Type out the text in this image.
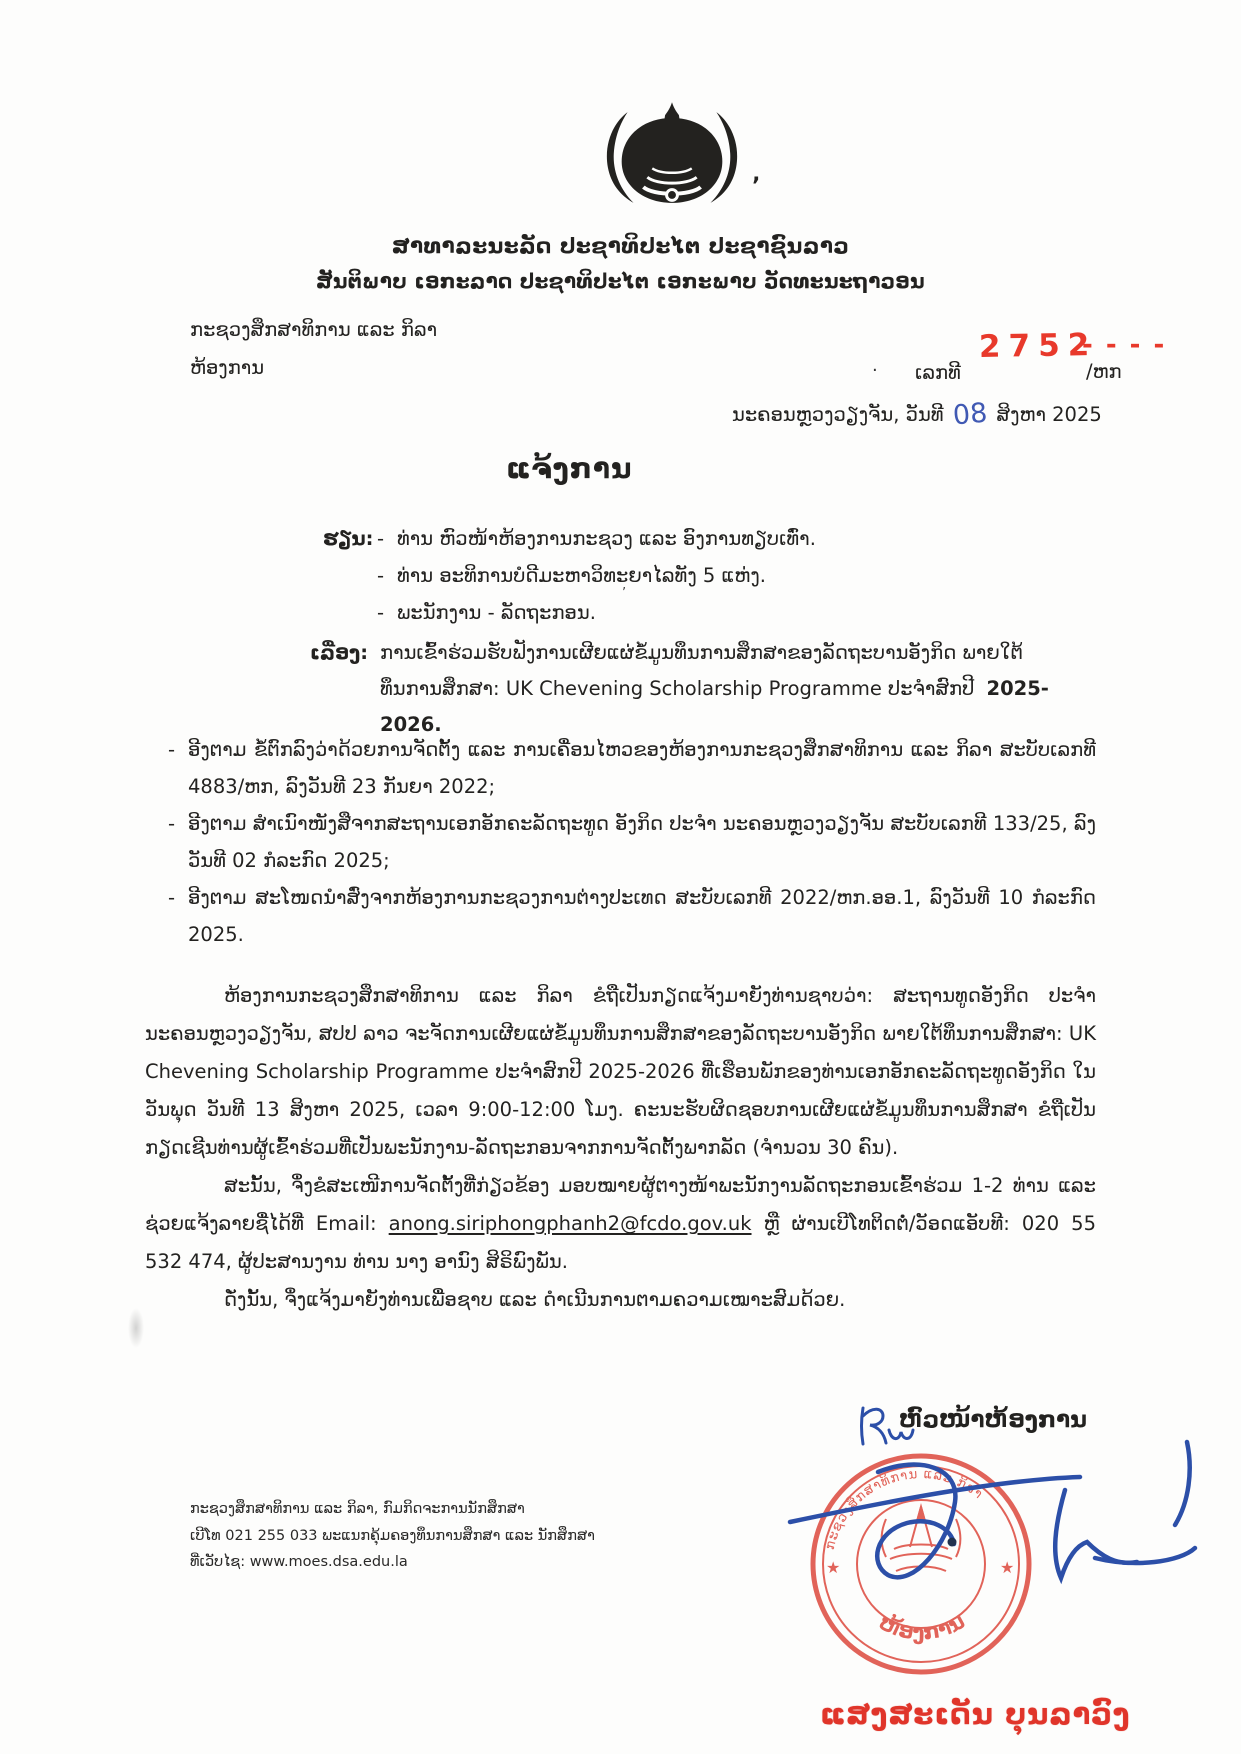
’
ສາທາລະນະລັດ ປະຊາທິປະໄຕ ປະຊາຊົນລາວ
ສັນຕິພາບ ເອກະລາດ ປະຊາທິປະໄຕ ເອກະພາບ ວັດທະນະຖາວອນ
ກະຊວງສຶກສາທິການ ແລະ ກິລາ
ຫ້ອງການ	· ເລກທີ
2752
- - - -
/ຫກ
ນະຄອນຫຼວງວຽງຈັນ, ວັນທີ 08 ສິງຫາ 2025
ແຈ້ງການ
ຮຽນ: - ທ່ານ ຫົວໜ້າຫ້ອງການກະຊວງ ແລະ ອົງການທຽບເທົ່າ.
- ທ່ານ ອະທິການບໍດີມະຫາວິທະຍາໄລທັງ 5 ແຫ່ງ.
- ພະນັກງານ - ລັດຖະກອນ.
’
ເລື່ອງ: ການເຂົ້າຮ່ວມຮັບຟັງການເຜີຍແຜ່ຂໍ້ມູນທຶນການສຶກສາຂອງລັດຖະບານອັງກິດ ພາຍໃຕ້
ທຶນການສຶກສາ: UK Chevening Scholarship Programme ປະຈໍາສົກປີ 2025-2026.
- ອີງຕາມ ຂໍ້ຕົກລົງວ່າດ້ວຍການຈັດຕັ້ງ ແລະ ການເຄື່ອນໄຫວຂອງຫ້ອງການກະຊວງສຶກສາທິການ ແລະ ກິລາ ສະບັບເລກທີ 4883/ຫກ, ລົງວັນທີ 23 ກັນຍາ 2022;
- ອີງຕາມ ສໍາເນົາໜັງສືຈາກສະຖານເອກອັກຄະລັດຖະທູດ ອັງກິດ ປະຈໍາ ນະຄອນຫຼວງວຽງຈັນ ສະບັບເລກທີ 133/25, ລົງວັນທີ 02 ກໍລະກົດ 2025;
- ອີງຕາມ ສະໂໜດນໍາສົ່ງຈາກຫ້ອງການກະຊວງການຕ່າງປະເທດ ສະບັບເລກທີ 2022/ຫກ.ອອ.1, ລົງວັນທີ 10 ກໍລະກົດ 2025.

ຫ້ອງການກະຊວງສຶກສາທິການ ແລະ ກິລາ ຂໍຖືເປັນກຽດແຈ້ງມາຍັງທ່ານຊາບວ່າ: ສະຖານທູດອັງກິດ ປະຈໍານະຄອນຫຼວງວຽງຈັນ, ສປປ ລາວ ຈະຈັດການເຜີຍແຜ່ຂໍ້ມູນທຶນການສຶກສາຂອງລັດຖະບານອັງກິດ ພາຍໃຕ້ທຶນການສຶກສາ: UK Chevening Scholarship Programme ປະຈໍາສົກປີ 2025-2026 ທີ່ເຮືອນພັກຂອງທ່ານເອກອັກຄະລັດຖະທູດອັງກິດ ໃນວັນພຸດ ວັນທີ 13 ສິງຫາ 2025, ເວລາ 9:00-12:00 ໂມງ. ຄະນະຮັບຜິດຊອບການເຜີຍແຜ່ຂໍ້ມູນທຶນການສຶກສາ ຂໍຖືເປັນກຽດເຊີນທ່ານຜູ້ເຂົ້າຮ່ວມທີ່ເປັນພະນັກງານ-ລັດຖະກອນຈາກການຈັດຕັ້ງພາກລັດ (ຈໍານວນ 30 ຄົນ).

ສະນັ້ນ, ຈຶ່ງຂໍສະເໜີການຈັດຕັ້ງທີ່ກ່ຽວຂ້ອງ ມອບໝາຍຜູ້ຕາງໜ້າພະນັກງານລັດຖະກອນເຂົ້າຮ່ວມ 1-2 ທ່ານ ແລະ ຊ່ວຍແຈ້ງລາຍຊື່ໄດ້ທີ່ Email: anong.siriphongphanh2@fcdo.gov.uk ຫຼື ຜ່ານເບີໂທຕິດຕໍ່/ວັອດແອັບທີ: 020 55 532 474, ຜູ້ປະສານງານ ທ່ານ ນາງ ອານົງ ສິຣິພົງພັນ.

ດັ່ງນັ້ນ, ຈຶ່ງແຈ້ງມາຍັງທ່ານເພື່ອຊາບ ແລະ ດໍາເນີນການຕາມຄວາມເໝາະສົມດ້ວຍ.

ຫົວໜ້າຫ້ອງການ
ກະຊວງສຶກສາທິການ ແລະ ກິລາ
ຫ້ອງການ
★	★
ແສງສະເດັນ ບຸນລາວົງ
ກະຊວງສຶກສາທິການ ແລະ ກິລາ, ກົມກິດຈະການນັກສຶກສາ
ເບີໂທ 021 255 033 ພະແນກຄຸ້ມຄອງທຶນການສຶກສາ ແລະ ນັກສຶກສາ
ທີ່ເວັບໄຊ: www.moes.dsa.edu.la
